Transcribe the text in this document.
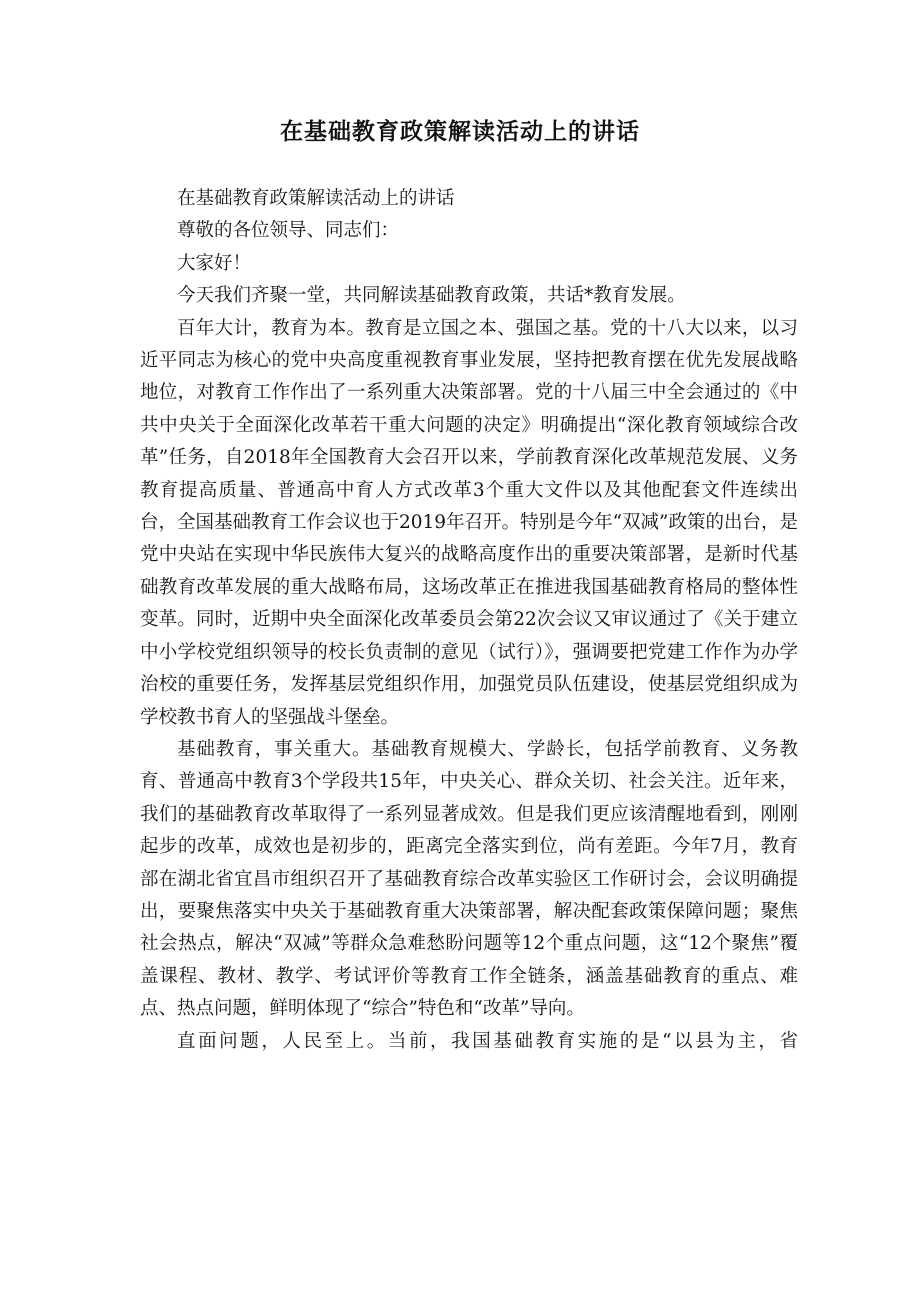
在基础教育政策解读活动上的讲话

在基础教育政策解读活动上的讲话

尊敬的各位领导、同志们：

大家好！

今天我们齐聚一堂，共同解读基础教育政策，共话*教育发展。

百年大计，教育为本。教育是立国之本、强国之基。党的十八大以来，以习近平同志为核心的党中央高度重视教育事业发展，坚持把教育摆在优先发展战略地位，对教育工作作出了一系列重大决策部署。党的十八届三中全会通过的《中共中央关于全面深化改革若干重大问题的决定》明确提出“深化教育领域综合改革”任务，自2018年全国教育大会召开以来，学前教育深化改革规范发展、义务教育提高质量、普通高中育人方式改革3个重大文件以及其他配套文件连续出台，全国基础教育工作会议也于2019年召开。特别是今年“双减”政策的出台，是党中央站在实现中华民族伟大复兴的战略高度作出的重要决策部署，是新时代基础教育改革发展的重大战略布局，这场改革正在推进我国基础教育格局的整体性变革。同时，近期中央全面深化改革委员会第22次会议又审议通过了《关于建立中小学校党组织领导的校长负责制的意见（试行）》，强调要把党建工作作为办学治校的重要任务，发挥基层党组织作用，加强党员队伍建设，使基层党组织成为学校教书育人的坚强战斗堡垒。

基础教育，事关重大。基础教育规模大、学龄长，包括学前教育、义务教育、普通高中教育3个学段共15年，中央关心、群众关切、社会关注。近年来，我们的基础教育改革取得了一系列显著成效。但是我们更应该清醒地看到，刚刚起步的改革，成效也是初步的，距离完全落实到位，尚有差距。今年7月，教育部在湖北省宜昌市组织召开了基础教育综合改革实验区工作研讨会，会议明确提出，要聚焦落实中央关于基础教育重大决策部署，解决配套政策保障问题；聚焦社会热点，解决“双减”等群众急难愁盼问题等12个重点问题，这“12个聚焦”覆盖课程、教材、教学、考试评价等教育工作全链条，涵盖基础教育的重点、难点、热点问题，鲜明体现了“综合”特色和“改革”导向。

直面问题，人民至上。当前，我国基础教育实施的是“以县为主，省
